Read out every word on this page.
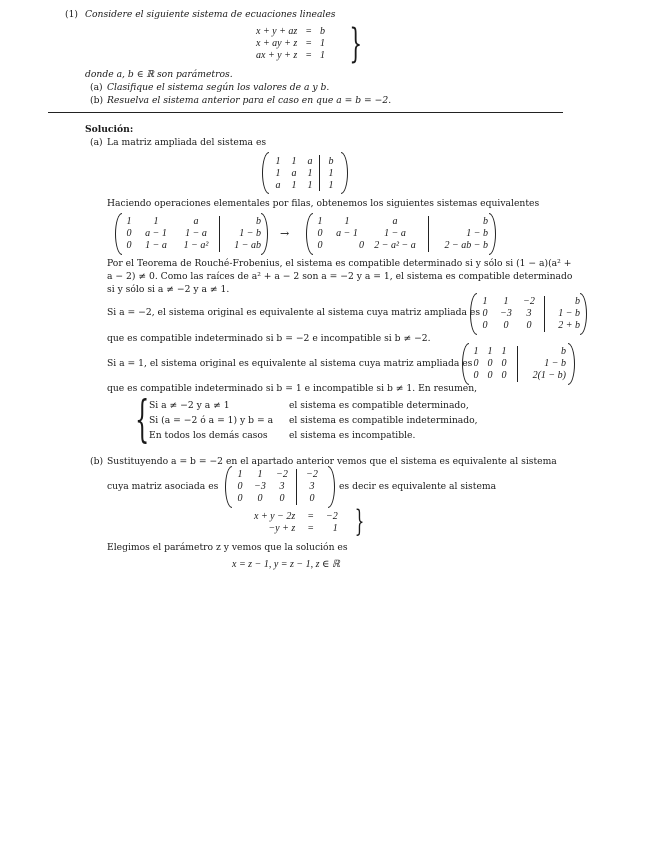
(1) Considere el siguiente sistema de ecuaciones lineales
x + y + az	=	b
x + ay + z	=	1
ax + y + z	=	1 }
donde a, b ∈ ℝ son parámetros.
(a) Clasifique el sistema según los valores de a y b.
(b) Resuelva el sistema anterior para el caso en que a = b = −2.
Solución:
(a) La matriz ampliada del sistema es
1	1	a	b
1	a	1	1
a	1	1	1
Haciendo operaciones elementales por filas, obtenemos los siguientes sistemas equivalentes
1	1	a	b
0	a − 1	1 − a	1 − b
0	1 − a	1 − a²	1 − ab
→
1	1	a	b
0	a − 1	1 − a	1 − b
0	0	2 − a² − a	2 − ab − b
Por el Teorema de Rouché-Frobenius, el sistema es compatible determinado si y sólo si (1 − a)(a² +
a − 2) ≠ 0. Como las raíces de a² + a − 2 son a = −2 y a = 1, el sistema es compatible determinado
si y sólo si a ≠ −2 y a ≠ 1.
Si a = −2, el sistema original es equivalente al sistema cuya matriz ampliada es
1	1	−2	b
0	−3	3	1 − b
0	0	0	2 + b
que es compatible indeterminado si b = −2 e incompatible si b ≠ −2.
Si a = 1, el sistema original es equivalente al sistema cuya matriz ampliada es
1 1 1	b
0 0 0	1 − b
0 0 0	2(1 − b)
que es compatible indeterminado si b = 1 e incompatible si b ≠ 1. En resumen,
{ Si a ≠ −2 y a ≠ 1	el sistema es compatible determinado,
Si (a = −2 ó a = 1) y b = a	el sistema es compatible indeterminado,
En todos los demás casos	el sistema es incompatible.
(b) Sustituyendo a = b = −2 en el apartado anterior vemos que el sistema es equivalente al sistema
cuya matriz asociada es
1	1	−2	−2
0	−3	3	3
0	0	0	0
es decir es equivalente al sistema
x + y − 2z	=	−2
−y + z	=	1 }
Elegimos el parámetro z y vemos que la solución es
x = z − 1, y = z − 1, z ∈ ℝ
